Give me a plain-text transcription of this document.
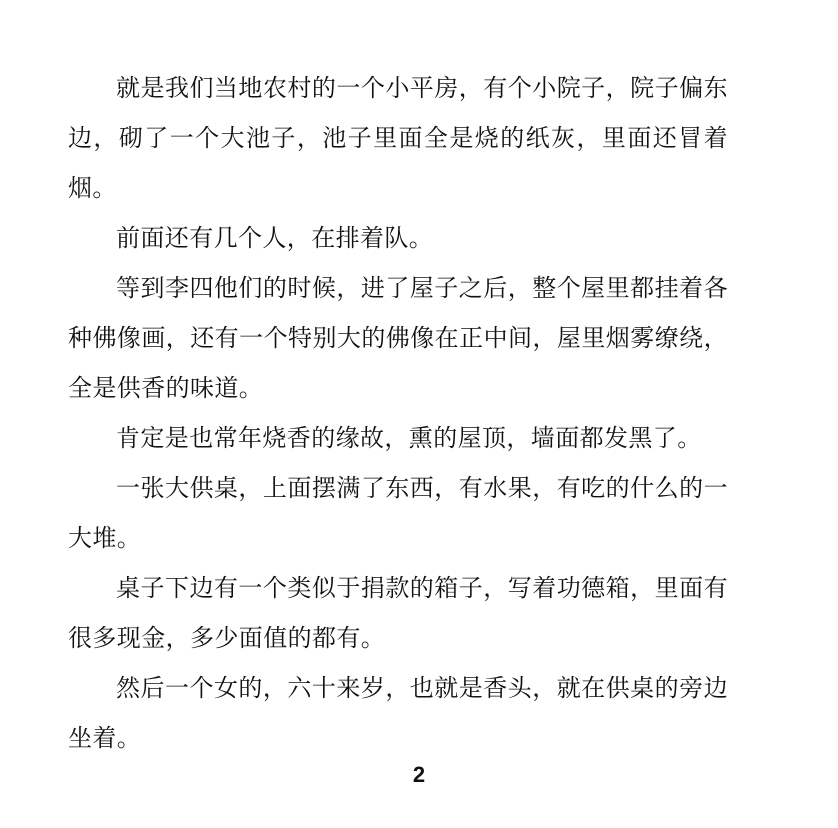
就是我们当地农村的一个小平房，有个小院子，院子偏东边，砌了一个大池子，池子里面全是烧的纸灰，里面还冒着烟。

前面还有几个人，在排着队。

等到李四他们的时候，进了屋子之后，整个屋里都挂着各种佛像画，还有一个特别大的佛像在正中间，屋里烟雾缭绕，全是供香的味道。

肯定是也常年烧香的缘故，熏的屋顶，墙面都发黑了。

一张大供桌，上面摆满了东西，有水果，有吃的什么的一大堆。

桌子下边有一个类似于捐款的箱子，写着功德箱，里面有很多现金，多少面值的都有。

然后一个女的，六十来岁，也就是香头，就在供桌的旁边坐着。

2
